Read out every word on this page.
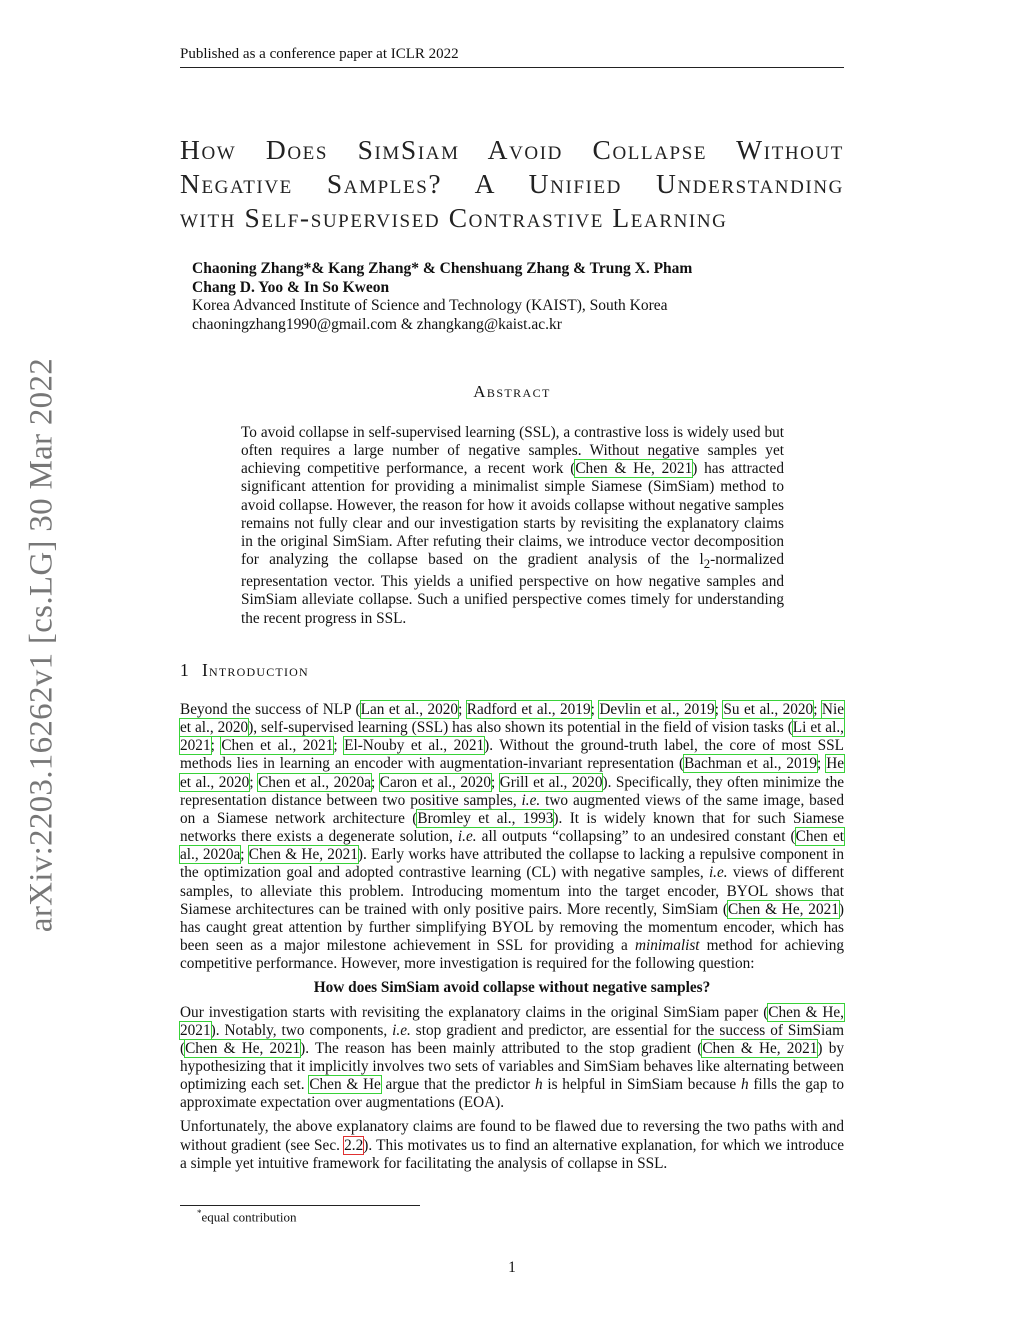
Published as a conference paper at ICLR 2022
arXiv:2203.16262v1 [cs.LG] 30 Mar 2022
How Does SimSiam Avoid Collapse Without
Negative Samples? A Unified Understanding
with Self-supervised Contrastive Learning
Chaoning Zhang*& Kang Zhang* & Chenshuang Zhang & Trung X. Pham
Chang D. Yoo & In So Kweon
Korea Advanced Institute of Science and Technology (KAIST), South Korea
chaoningzhang1990@gmail.com & zhangkang@kaist.ac.kr
Abstract
To avoid collapse in self-supervised learning (SSL), a contrastive loss is widely used but often requires a large number of negative samples. Without negative samples yet achieving competitive performance, a recent work (Chen & He, 2021) has attracted significant attention for providing a minimalist simple Siamese (SimSiam) method to avoid collapse. However, the reason for how it avoids collapse without negative samples remains not fully clear and our investigation starts by revisiting the explanatory claims in the original SimSiam. After refuting their claims, we introduce vector decomposition for analyzing the collapse based on the gradient analysis of the $l_2$-normalized representation vector. This yields a unified perspective on how negative samples and SimSiam alleviate collapse. Such a unified perspective comes timely for understanding the recent progress in SSL.
1 Introduction

Beyond the success of NLP (Lan et al., 2020; Radford et al., 2019; Devlin et al., 2019; Su et al., 2020; Nie et al., 2020), self-supervised learning (SSL) has also shown its potential in the field of vision tasks (Li et al., 2021; Chen et al., 2021; El-Nouby et al., 2021). Without the ground-truth label, the core of most SSL methods lies in learning an encoder with augmentation-invariant representation (Bachman et al., 2019; He et al., 2020; Chen et al., 2020a; Caron et al., 2020; Grill et al., 2020). Specifically, they often minimize the representation distance between two positive samples, i.e. two augmented views of the same image, based on a Siamese network architecture (Bromley et al., 1993). It is widely known that for such Siamese networks there exists a degenerate solution, i.e. all outputs “collapsing” to an undesired constant (Chen et al., 2020a; Chen & He, 2021). Early works have attributed the collapse to lacking a repulsive component in the optimization goal and adopted contrastive learning (CL) with negative samples, i.e. views of different samples, to alleviate this problem. Introducing momentum into the target encoder, BYOL shows that Siamese architectures can be trained with only positive pairs. More recently, SimSiam (Chen & He, 2021) has caught great attention by further simplifying BYOL by removing the momentum encoder, which has been seen as a major milestone achievement in SSL for providing a minimalist method for achieving competitive performance. However, more investigation is required for the following question:

How does SimSiam avoid collapse without negative samples?

Our investigation starts with revisiting the explanatory claims in the original SimSiam paper (Chen & He, 2021). Notably, two components, i.e. stop gradient and predictor, are essential for the success of SimSiam (Chen & He, 2021). The reason has been mainly attributed to the stop gradient (Chen & He, 2021) by hypothesizing that it implicitly involves two sets of variables and SimSiam behaves like alternating between optimizing each set. Chen & He argue that the predictor h is helpful in SimSiam because h fills the gap to approximate expectation over augmentations (EOA).

Unfortunately, the above explanatory claims are found to be flawed due to reversing the two paths with and without gradient (see Sec. 2.2). This motivates us to find an alternative explanation, for which we introduce a simple yet intuitive framework for facilitating the analysis of collapse in SSL.

*equal contribution
1
